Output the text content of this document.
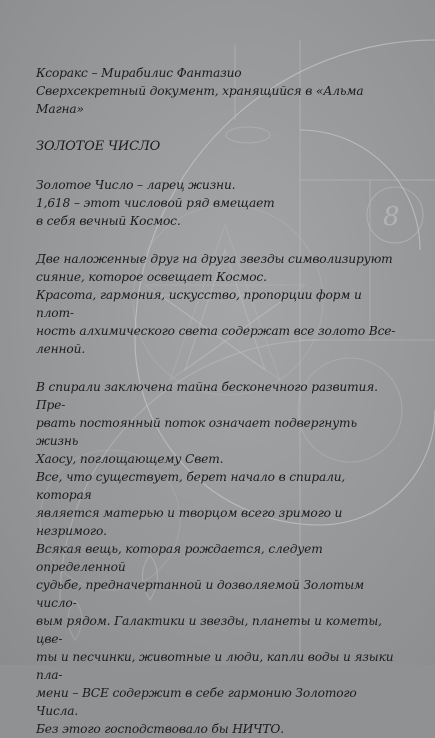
8

Ксоракс – Мирабилис Фантазио

Сверхсекретный документ, хранящийся в «Альма Магна»

ЗОЛОТОЕ ЧИСЛО

Золотое Число – ларец жизни.

1,618 – этот числовой ряд вмещает

в себя вечный Космос.

Две наложенные друг на друга звезды символизируют

сияние, которое освещает Космос.

Красота, гармония, искусство, пропорции форм и плот-

ность алхимического света содержат все золото Все-

ленной.

В спирали заключена тайна бесконечного развития. Пре-

рвать постоянный поток означает подвергнуть жизнь

Хаосу, поглощающему Свет.

Все, что существует, берет начало в спирали, которая

является матерью и творцом всего зримого и незримого.

Всякая вещь, которая рождается, следует определенной

судьбе, предначертанной и дозволяемой Золотым число-

вым рядом. Галактики и звезды, планеты и кометы, цве-

ты и песчинки, животные и люди, капли воды и языки пла-

мени – ВСЕ содержит в себе гармонию Золотого Числа.

Без этого господствовало бы НИЧТО.
